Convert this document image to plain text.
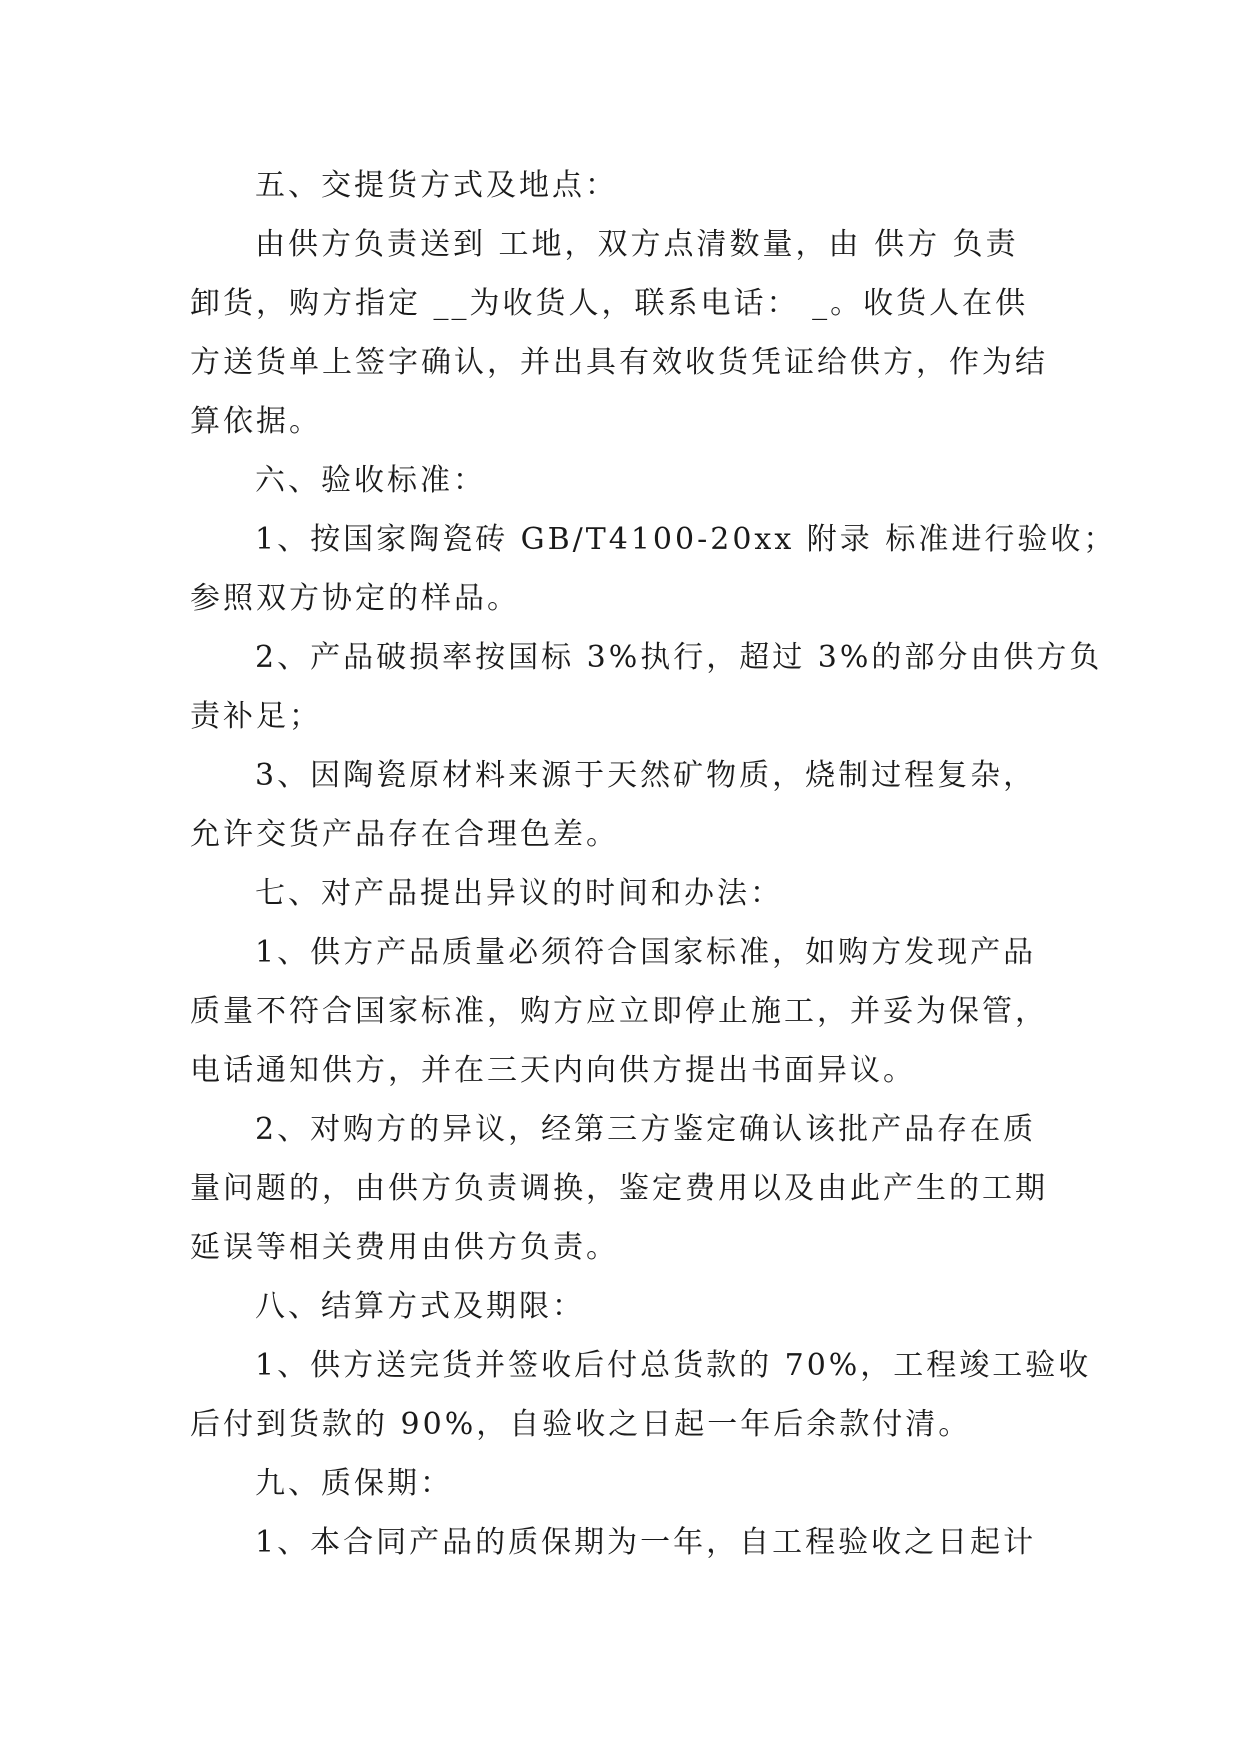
五、交提货方式及地点：
由供方负责送到 工地，双方点清数量，由 供方 负责
卸货，购方指定 __为收货人，联系电话： _。收货人在供
方送货单上签字确认，并出具有效收货凭证给供方，作为结
算依据。
六、验收标准：
1、按国家陶瓷砖 GB/T4100-20xx 附录 标准进行验收；
参照双方协定的样品。
2、产品破损率按国标 3%执行，超过 3%的部分由供方负
责补足；
3、因陶瓷原材料来源于天然矿物质，烧制过程复杂，
允许交货产品存在合理色差。
七、对产品提出异议的时间和办法：
1、供方产品质量必须符合国家标准，如购方发现产品
质量不符合国家标准，购方应立即停止施工，并妥为保管，
电话通知供方，并在三天内向供方提出书面异议。
2、对购方的异议，经第三方鉴定确认该批产品存在质
量问题的，由供方负责调换，鉴定费用以及由此产生的工期
延误等相关费用由供方负责。
八、结算方式及期限：
1、供方送完货并签收后付总货款的 70%，工程竣工验收
后付到货款的 90%，自验收之日起一年后余款付清。
九、质保期：
1、本合同产品的质保期为一年，自工程验收之日起计
